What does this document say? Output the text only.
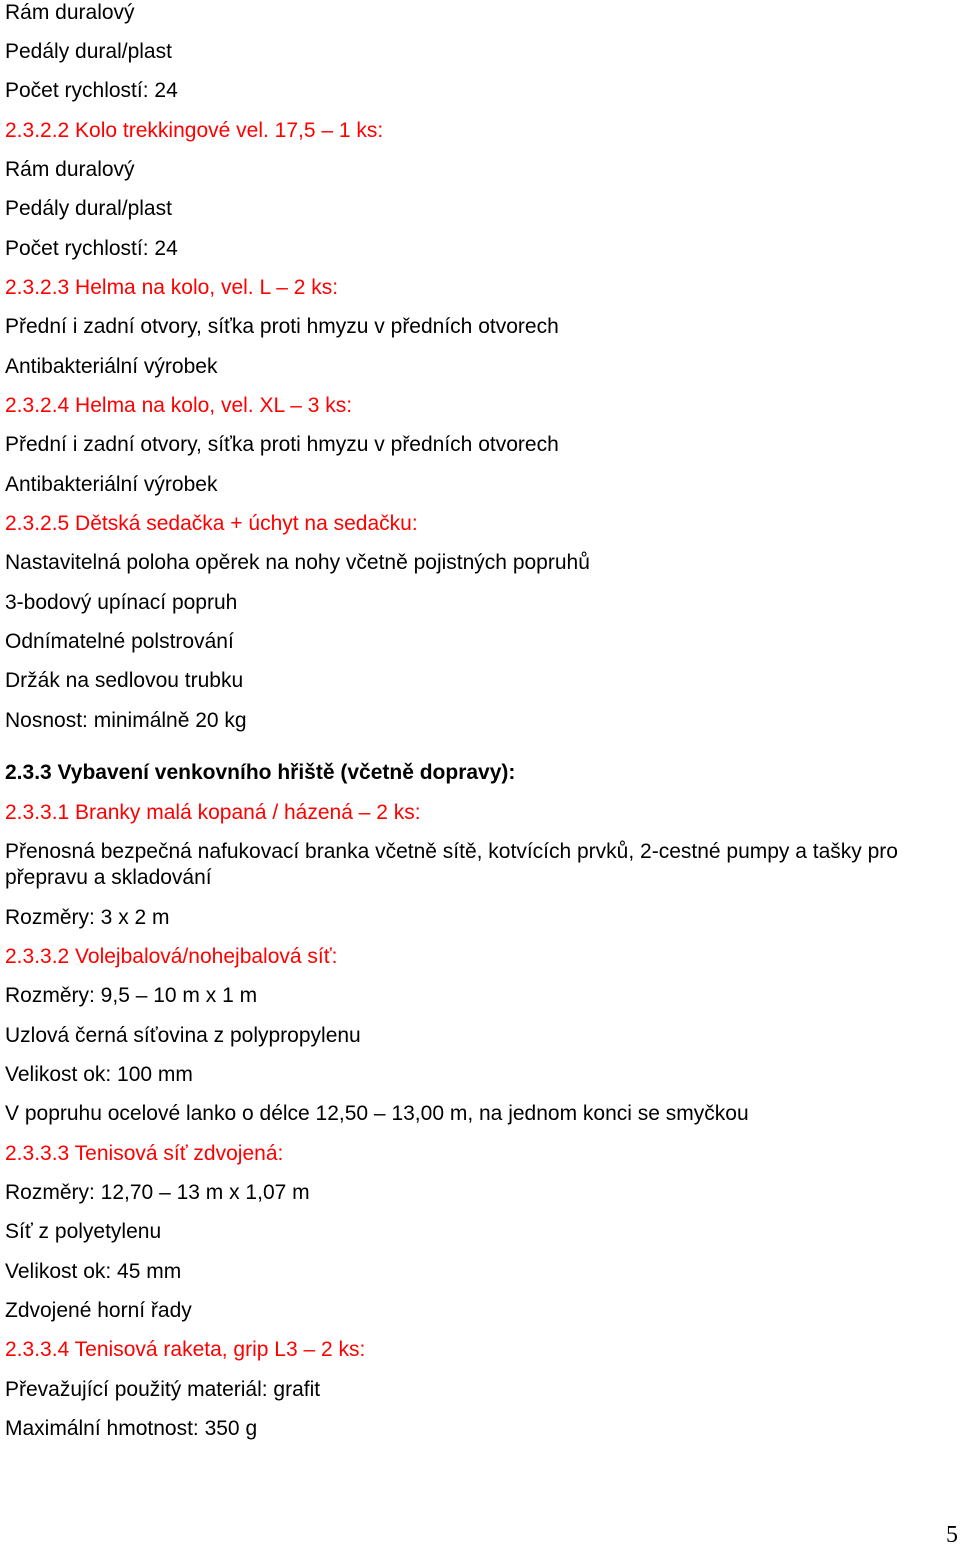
Rám duralový

Pedály dural/plast

Počet rychlostí: 24

2.3.2.2 Kolo trekkingové vel. 17,5 – 1 ks:

Rám duralový

Pedály dural/plast

Počet rychlostí: 24

2.3.2.3 Helma na kolo, vel. L – 2 ks:

Přední i zadní otvory, síťka proti hmyzu v předních otvorech

Antibakteriální výrobek

2.3.2.4 Helma na kolo, vel. XL – 3 ks:

Přední i zadní otvory, síťka proti hmyzu v předních otvorech

Antibakteriální výrobek

2.3.2.5 Dětská sedačka + úchyt na sedačku:

Nastavitelná poloha opěrek na nohy včetně pojistných popruhů

3-bodový upínací popruh

Odnímatelné polstrování

Držák na sedlovou trubku

Nosnost: minimálně 20 kg

2.3.3 Vybavení venkovního hřiště (včetně dopravy):

2.3.3.1 Branky malá kopaná / házená – 2 ks:

Přenosná bezpečná nafukovací branka včetně sítě, kotvících prvků, 2-cestné pumpy a tašky pro přepravu a skladování

Rozměry: 3 x 2 m

2.3.3.2 Volejbalová/nohejbalová síť:

Rozměry: 9,5 – 10 m x 1 m

Uzlová černá síťovina z polypropylenu

Velikost ok: 100 mm

V popruhu ocelové lanko o délce 12,50 – 13,00 m, na jednom konci se smyčkou

2.3.3.3 Tenisová síť zdvojená:

Rozměry: 12,70 – 13 m x 1,07 m

Síť z polyetylenu

Velikost ok: 45 mm

Zdvojené horní řady

2.3.3.4 Tenisová raketa, grip L3 – 2 ks:

Převažující použitý materiál: grafit

Maximální hmotnost: 350 g

5
